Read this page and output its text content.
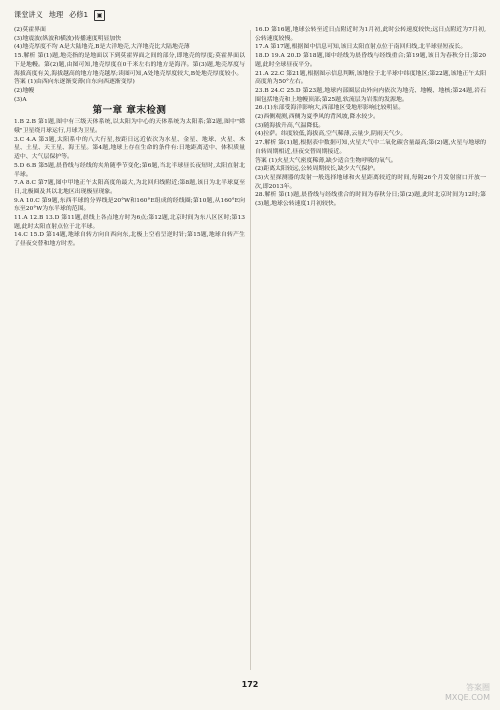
课堂讲义 地理 必修1	▣

(2)莫霍界面

(3)地震波(纵波和横波)传播速度明显加快

(4)地壳厚度不均 A是大陆地壳,B是大洋地壳,大洋地壳比大陆地壳薄

15.解析 第(1)题,地壳指的是地面以下到莫霍界面之间的部分,即地壳的厚度;莫霍界面以下是地幔。第(2)题,由图可知,地壳厚度在0千米左右的地方是海洋。第(3)题,地壳厚度与海拔高度有关,海拔越高的地方地壳越厚;读图可知,A处地壳厚度较大,B处地壳厚度较小。

答案 (1)由西向东逐渐变薄(自东向西逐渐变厚)

(2)地幔

(3)A

第一章 章末检测

1.B 2.B 第1题,图中有三级天体系统,以太阳为中心的天体系统为太阳系;第2题,图中"嫦娥"卫星绕月球运行,月球为卫星。

3.C 4.A 第3题,太阳系中的八大行星,按距日远近依次为水星、金星、地球、火星、木星、土星、天王星、海王星。第4题,地球上存在生命的条件有:日地距离适中、体积质量适中、大气层保护等。

5.D 6.B 第5题,晨昏线与经线的夹角随季节变化;第6题,当北半球昼长夜短时,太阳直射北半球。

7.A 8.C 第7题,图中甲地正午太阳高度角最大,为北回归线附近;第8题,该日为北半球夏至日,北极圈及其以北地区出现极昼现象。

9.A 10.C 第9题,东西半球的分界线是20°W和160°E组成的经线圈;第10题,从160°E向东至20°W为东半球的范围。

11.A 12.B 13.D 第11题,晨线上各点地方时为6点;第12题,北京时间为东八区区时;第13题,此时太阳直射点位于北半球。

14.C 15.D 第14题,地球自转方向自西向东,北极上空看呈逆时针;第15题,地球自转产生了昼夜交替和地方时差。

16.D 第16题,地球公转至近日点附近时为1月初,此时公转速度较快;远日点附近为7月初,公转速度较慢。

17.A 第17题,根据图中信息可知,该日太阳直射点位于南回归线,北半球昼短夜长。

18.D 19.A 20.D 第18题,图中经线为晨昏线与经线重合;第19题,该日为春秋分日;第20题,此时全球昼夜平分。

21.A 22.C 第21题,根据图示信息判断,该地位于北半球中纬度地区;第22题,该地正午太阳高度角为50°左右。

23.B 24.C 25.D 第23题,地球内部圈层由外向内依次为地壳、地幔、地核;第24题,岩石圈包括地壳和上地幔顶部;第25题,软流层为岩浆的发源地。

26.(1)东部受海洋影响大,西部地区受地形影响比较明显。

(2)西侧观测,西侧为夏季风的背风坡,降水较少。

(3)随海拔升高,气温降低。

(4)拉萨。纬度较低,海拔高,空气稀薄,云量少,阴雨天气少。

27.解析 第(1)题,根据表中数据可知,火星大气中二氧化碳含量最高;第(2)题,火星与地球的自转周期相近,昼夜交替周期接近。

答案 (1)火星大气密度稀薄,缺少适合生物呼吸的氧气。

(2)距离太阳较远,公转周期较长,缺少大气保护。

(3)火星探测器的发射一般选择地球和火星距离较近的时间,每隔26个月发射窗口开放一次,即2013年。

28.解析 第(1)题,晨昏线与经线重合的时间为春秋分日;第(2)题,此时北京时间为12时;第(3)题,地球公转速度1月初较快。

172	答案圈
MXQE.COM
